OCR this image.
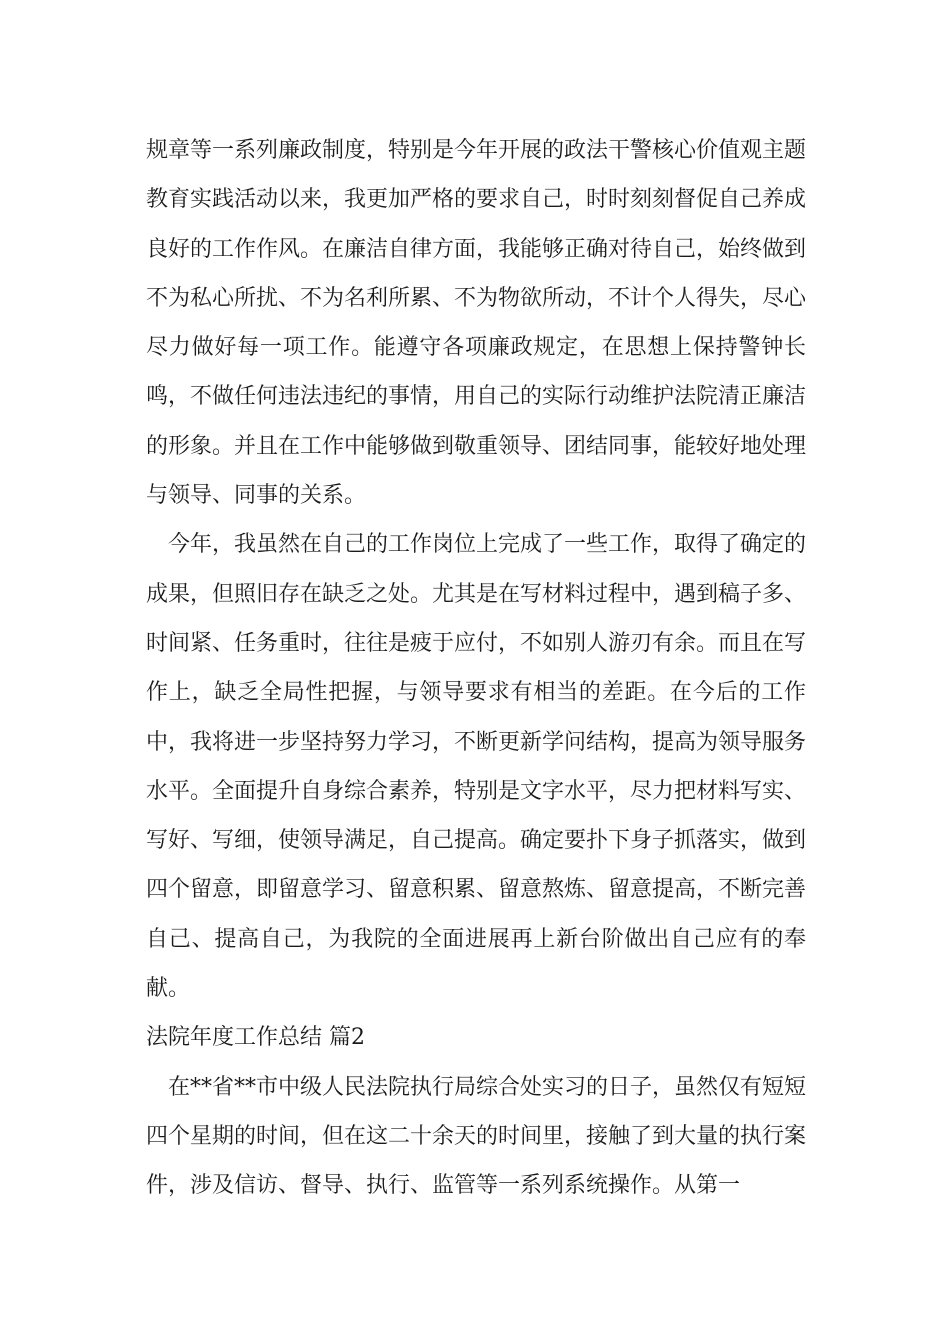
规章等一系列廉政制度，特别是今年开展的政法干警核心价值观主题教育实践活动以来，我更加严格的要求自己，时时刻刻督促自己养成良好的工作作风。在廉洁自律方面，我能够正确对待自己，始终做到不为私心所扰、不为名利所累、不为物欲所动，不计个人得失，尽心尽力做好每一项工作。能遵守各项廉政规定，在思想上保持警钟长鸣，不做任何违法违纪的事情，用自己的实际行动维护法院清正廉洁的形象。并且在工作中能够做到敬重领导、团结同事，能较好地处理与领导、同事的关系。

今年，我虽然在自己的工作岗位上完成了一些工作，取得了确定的成果，但照旧存在缺乏之处。尤其是在写材料过程中，遇到稿子多、时间紧、任务重时，往往是疲于应付，不如别人游刃有余。而且在写作上，缺乏全局性把握，与领导要求有相当的差距。在今后的工作中，我将进一步坚持努力学习，不断更新学问结构，提高为领导服务水平。全面提升自身综合素养，特别是文字水平，尽力把材料写实、写好、写细，使领导满足，自己提高。确定要扑下身子抓落实，做到四个留意，即留意学习、留意积累、留意熬炼、留意提高，不断完善自己、提高自己，为我院的全面进展再上新台阶做出自己应有的奉献。

法院年度工作总结 篇2

在**省**市中级人民法院执行局综合处实习的日子，虽然仅有短短四个星期的时间，但在这二十余天的时间里，接触了到大量的执行案件，涉及信访、督导、执行、监管等一系列系统操作。从第一
